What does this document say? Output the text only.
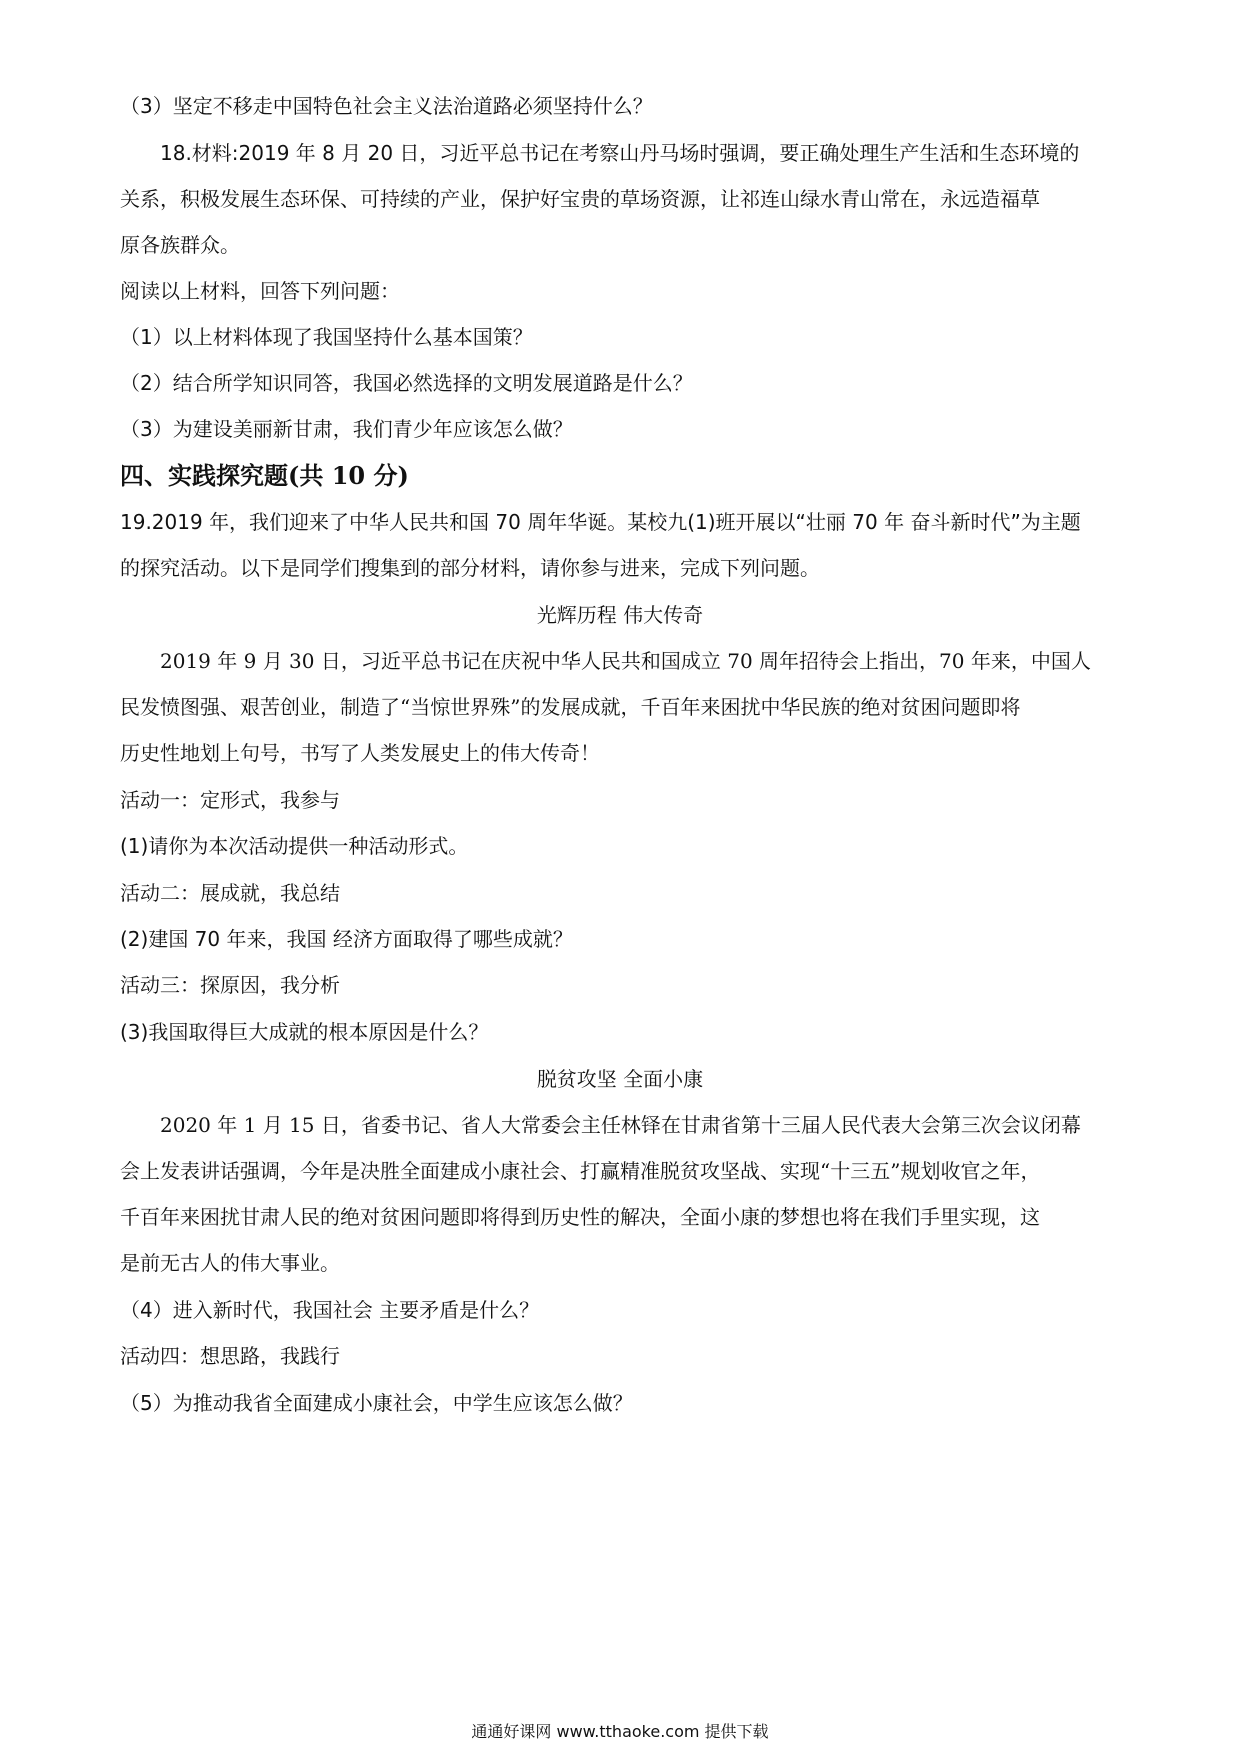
（3）坚定不移走中国特色社会主义法治道路必须坚持什么？
18.材料:2019 年 8 月 20 日，习近平总书记在考察山丹马场时强调，要正确处理生产生活和生态环境的
关系，积极发展生态环保、可持续的产业，保护好宝贵的草场资源，让祁连山绿水青山常在，永远造福草
原各族群众。
阅读以上材料，回答下列问题：
（1）以上材料体现了我国坚持什么基本国策？
（2）结合所学知识同答，我国必然选择的文明发展道路是什么？
（3）为建设美丽新甘肃，我们青少年应该怎么做？
四、实践探究题(共 10 分)
19.2019 年，我们迎来了中华人民共和国 70 周年华诞。某校九(1)班开展以“壮丽 70 年 奋斗新时代”为主题
的探究活动。以下是同学们搜集到的部分材料，请你参与进来，完成下列问题。
光辉历程 伟大传奇
2019 年 9 月 30 日，习近平总书记在庆祝中华人民共和国成立 70 周年招待会上指出，70 年来，中国人
民发愤图强、艰苦创业，制造了“当惊世界殊”的发展成就，千百年来困扰中华民族的绝对贫困问题即将
历史性地划上句号，书写了人类发展史上的伟大传奇！
活动一：定形式，我参与
(1)请你为本次活动提供一种活动形式。
活动二：展成就，我总结
(2)建国 70 年来，我国 经济方面取得了哪些成就？
活动三：探原因，我分析
(3)我国取得巨大成就的根本原因是什么？
脱贫攻坚 全面小康
2020 年 1 月 15 日，省委书记、省人大常委会主任林铎在甘肃省第十三届人民代表大会第三次会议闭幕
会上发表讲话强调，今年是决胜全面建成小康社会、打赢精准脱贫攻坚战、实现“十三五”规划收官之年，
千百年来困扰甘肃人民的绝对贫困问题即将得到历史性的解决，全面小康的梦想也将在我们手里实现，这
是前无古人的伟大事业。
（4）进入新时代，我国社会 主要矛盾是什么？
活动四：想思路，我践行
（5）为推动我省全面建成小康社会，中学生应该怎么做？
通通好课网 www.tthaoke.com 提供下载
